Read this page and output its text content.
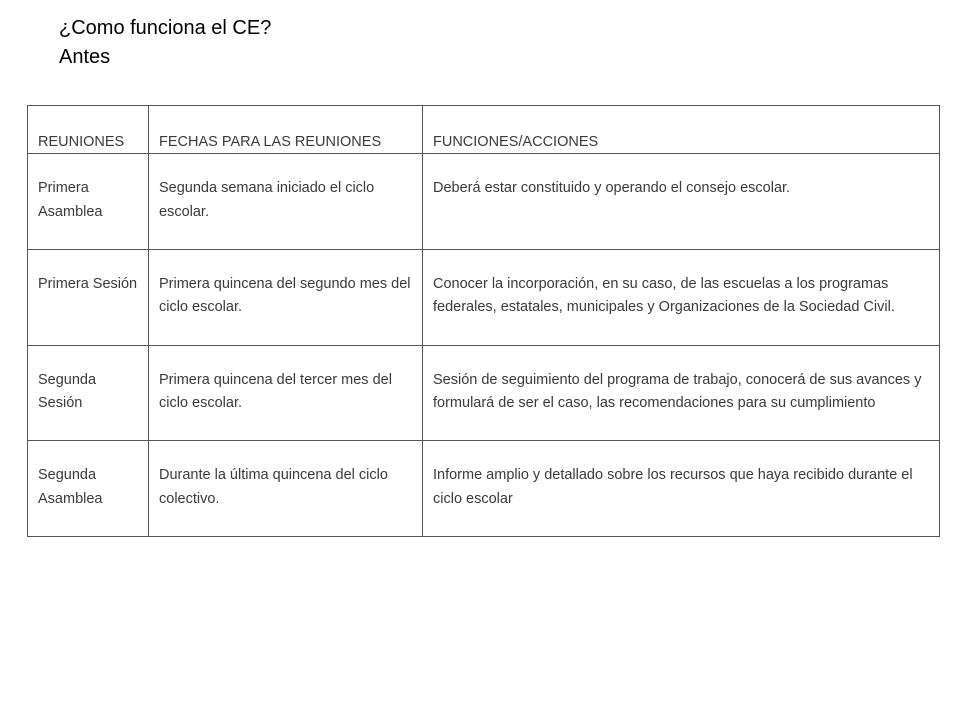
¿Como funciona el CE?
Antes
REUNIONES	FECHAS PARA LAS REUNIONES	FUNCIONES/ACCIONES
Primera Asamblea	Segunda semana iniciado el ciclo escolar.	Deberá estar constituido y operando el consejo escolar.
Primera Sesión	Primera quincena del segundo mes del ciclo escolar.	Conocer la incorporación, en su caso, de las escuelas a los programas federales, estatales, municipales y Organizaciones de la Sociedad Civil.
Segunda Sesión	Primera quincena del tercer mes del ciclo escolar.	Sesión de seguimiento del programa de trabajo, conocerá de sus avances y formulará de ser el caso, las recomendaciones para su cumplimiento
Segunda Asamblea	Durante la última quincena del ciclo colectivo.	Informe amplio y detallado sobre los recursos que haya recibido durante el ciclo escolar
